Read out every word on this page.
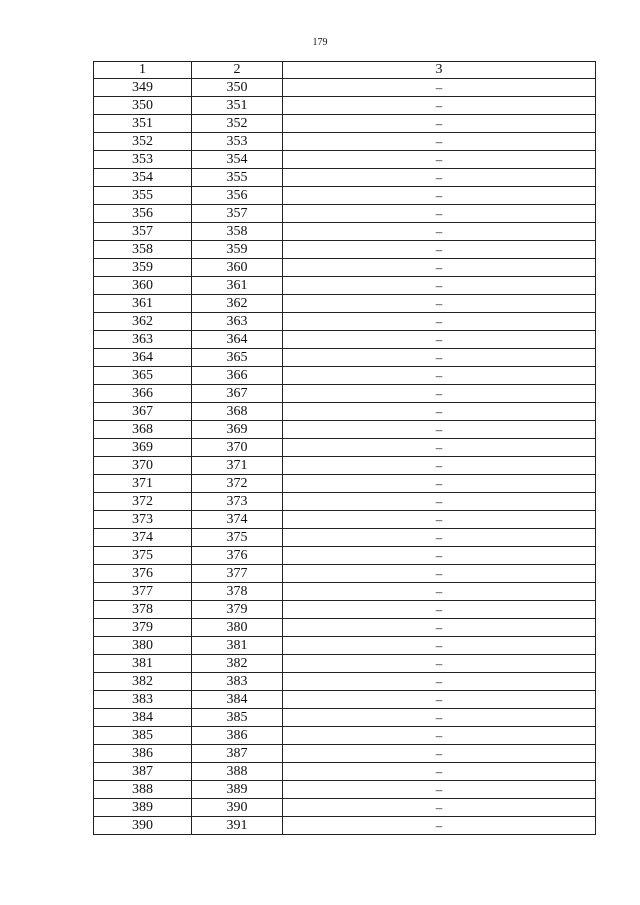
179
1	2	3
349	350	–
350	351	–
351	352	–
352	353	–
353	354	–
354	355	–
355	356	–
356	357	–
357	358	–
358	359	–
359	360	–
360	361	–
361	362	–
362	363	–
363	364	–
364	365	–
365	366	–
366	367	–
367	368	–
368	369	–
369	370	–
370	371	–
371	372	–
372	373	–
373	374	–
374	375	–
375	376	–
376	377	–
377	378	–
378	379	–
379	380	–
380	381	–
381	382	–
382	383	–
383	384	–
384	385	–
385	386	–
386	387	–
387	388	–
388	389	–
389	390	–
390	391	–
